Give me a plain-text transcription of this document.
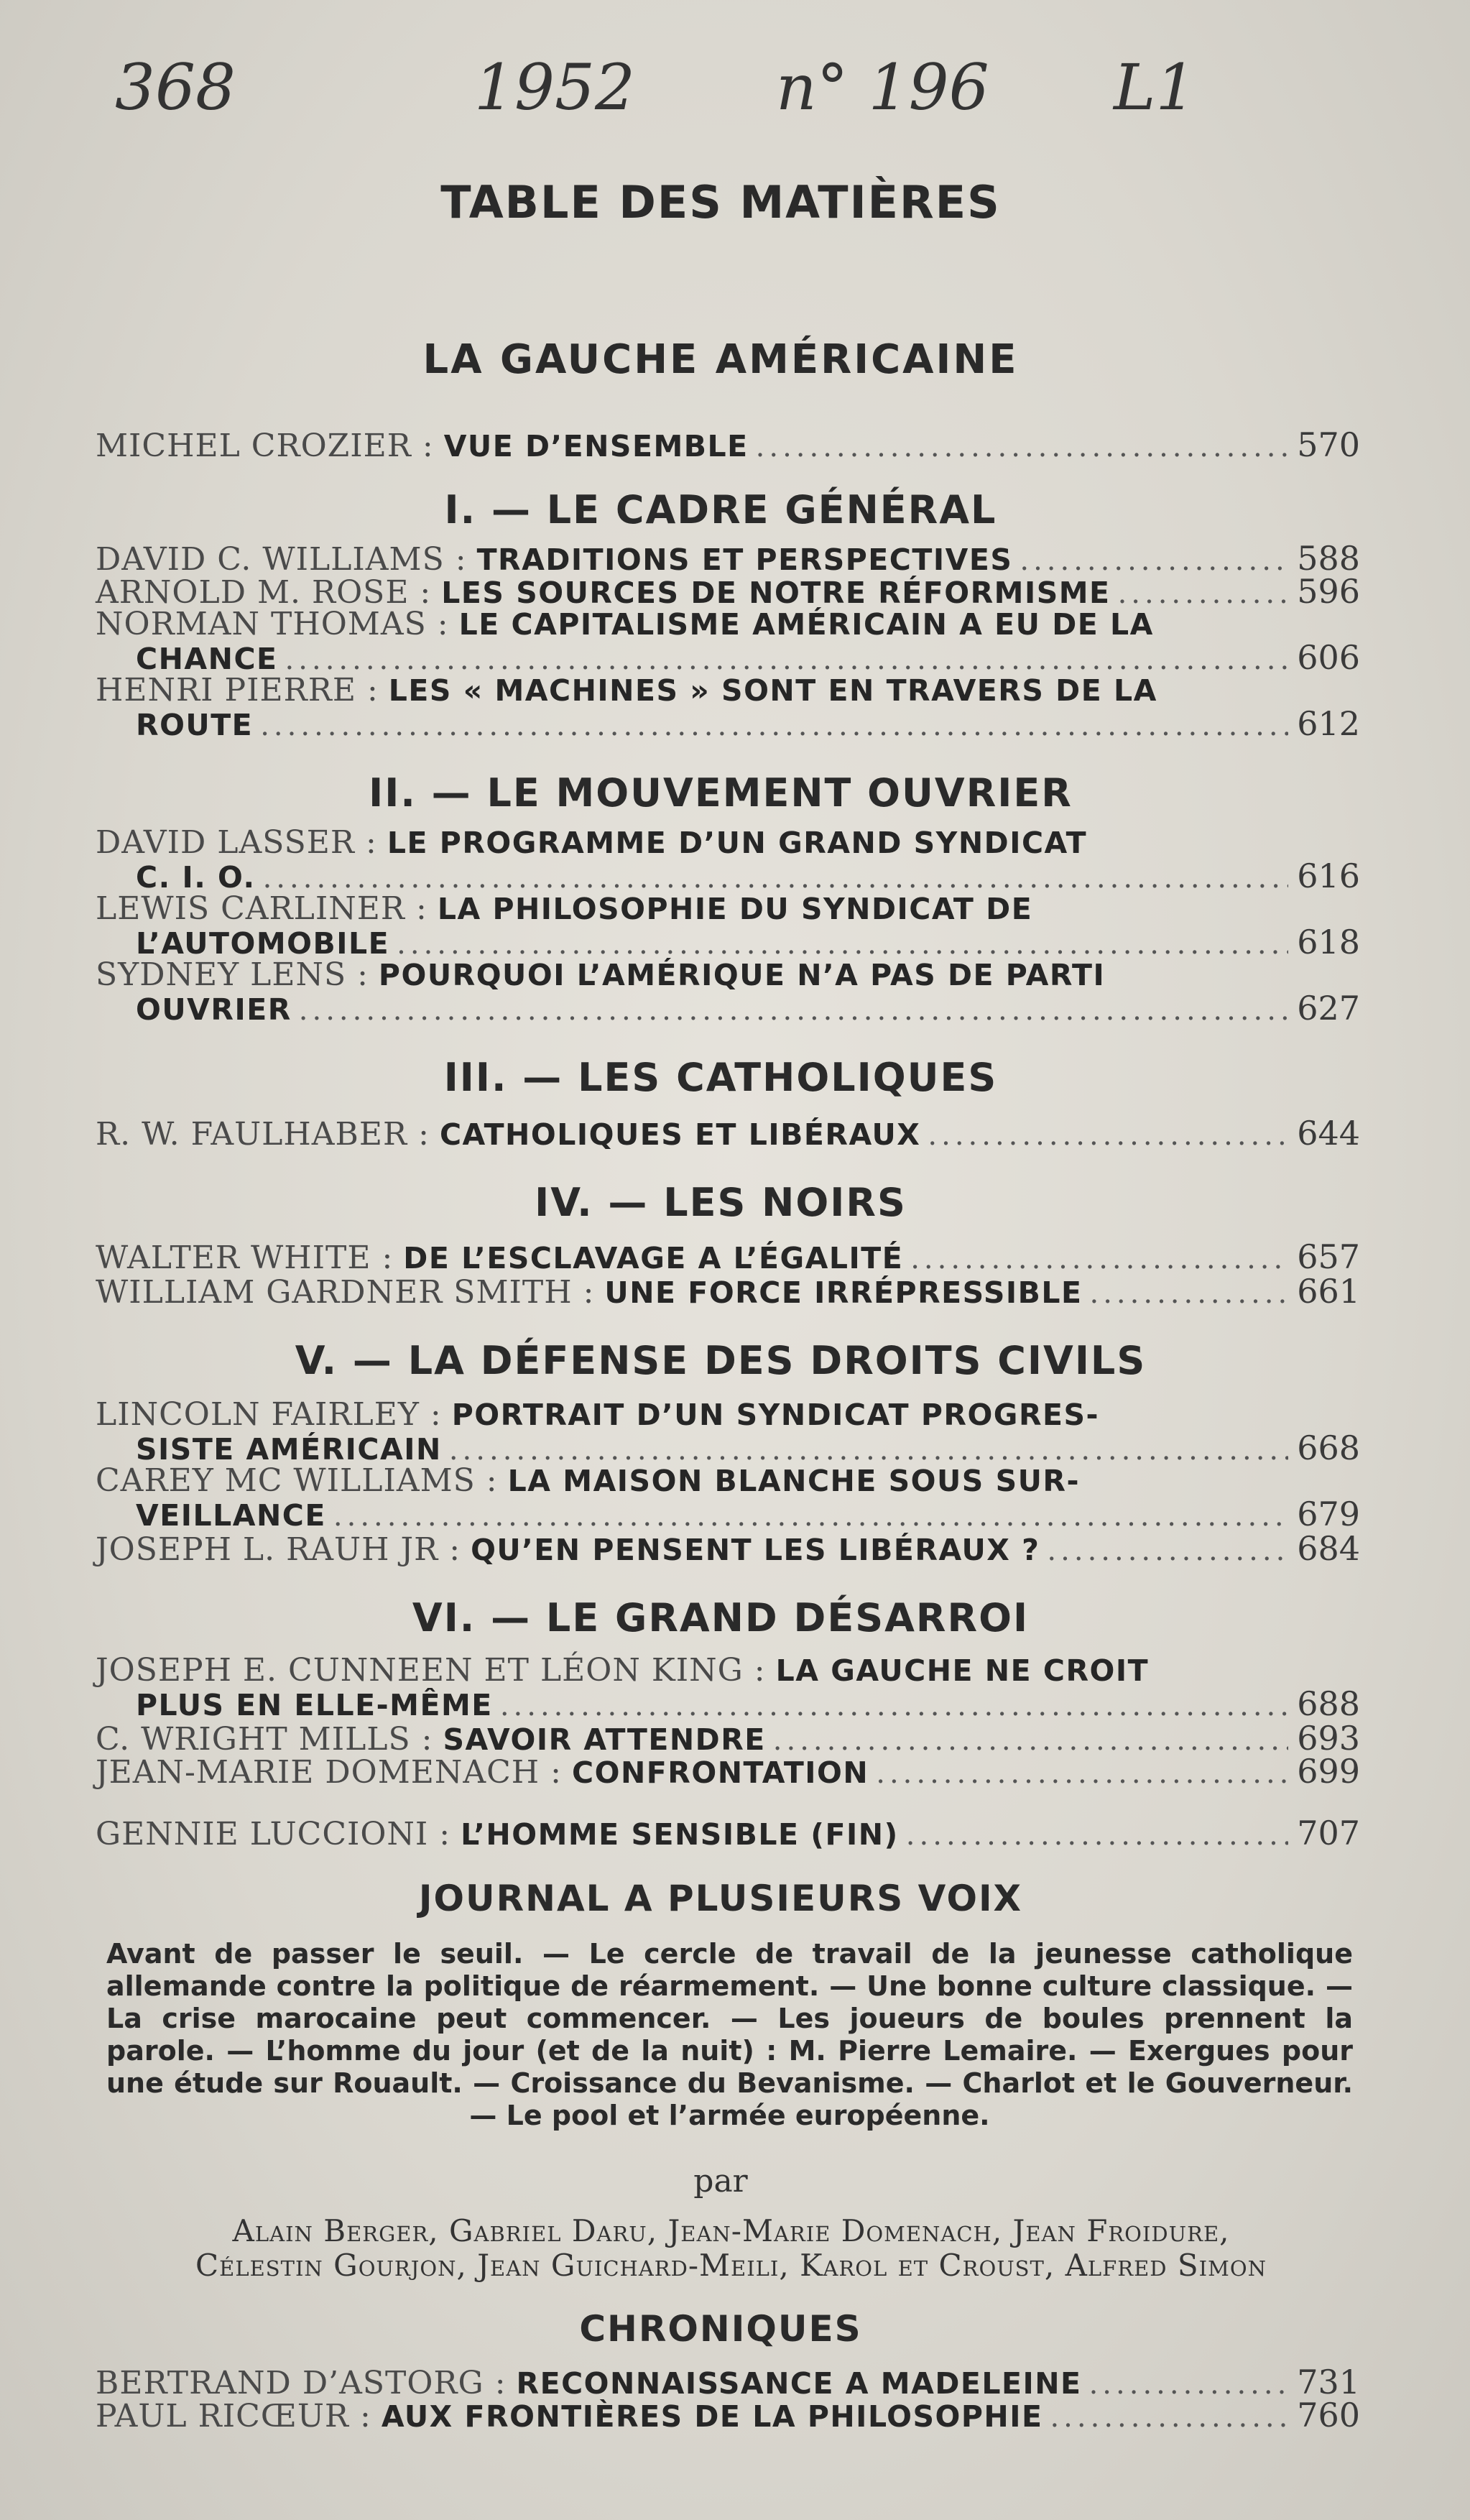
368	1952 n° 196 L1
TABLE DES MATIÈRES
LA GAUCHE AMÉRICAINE
MICHEL CROZIER : VUE D’ENSEMBLE .....	570
I. — LE CADRE GÉNÉRAL
DAVID C. WILLIAMS : TRADITIONS ET PERSPECTIVES .....	588
ARNOLD M. ROSE : LES SOURCES DE NOTRE RÉFORMISME .....	596
NORMAN THOMAS : LE CAPITALISME AMÉRICAIN A EU DE LA
CHANCE .....	606
HENRI PIERRE : LES « MACHINES » SONT EN TRAVERS DE LA
ROUTE .....	612
II. — LE MOUVEMENT OUVRIER
DAVID LASSER : LE PROGRAMME D’UN GRAND SYNDICAT
C. I. O. .....	616
LEWIS CARLINER : LA PHILOSOPHIE DU SYNDICAT DE
L’AUTOMOBILE .....	618
SYDNEY LENS : POURQUOI L’AMÉRIQUE N’A PAS DE PARTI
OUVRIER .....	627
III. — LES CATHOLIQUES
R. W. FAULHABER : CATHOLIQUES ET LIBÉRAUX .....	644
IV. — LES NOIRS
WALTER WHITE : DE L’ESCLAVAGE A L’ÉGALITÉ .....	657
WILLIAM GARDNER SMITH : UNE FORCE IRRÉPRESSIBLE .....	661
V. — LA DÉFENSE DES DROITS CIVILS
LINCOLN FAIRLEY : PORTRAIT D’UN SYNDICAT PROGRES-
SISTE AMÉRICAIN .....	668
CAREY MC WILLIAMS : LA MAISON BLANCHE SOUS SUR-
VEILLANCE .....	679
JOSEPH L. RAUH JR : QU’EN PENSENT LES LIBÉRAUX ? .....	684
VI. — LE GRAND DÉSARROI
JOSEPH E. CUNNEEN ET LÉON KING : LA GAUCHE NE CROIT
PLUS EN ELLE-MÊME .....	688
C. WRIGHT MILLS : SAVOIR ATTENDRE .....	693
JEAN-MARIE DOMENACH : CONFRONTATION .....	699
GENNIE LUCCIONI : L’HOMME SENSIBLE (FIN) .....	707
JOURNAL A PLUSIEURS VOIX
Avant de passer le seuil. — Le cercle de travail de la jeunesse catholique allemande contre la politique de réarmement. — Une bonne culture classique. — La crise marocaine peut commencer. — Les joueurs de boules prennent la parole. — L’homme du jour (et de la nuit) : M. Pierre Lemaire. — Exergues pour une étude sur Rouault. — Croissance du Bevanisme. — Charlot et le Gouverneur. — Le pool et l’armée européenne.
par
Alain Berger, Gabriel Daru, Jean-Marie Domenach, Jean Froidure,
Célestin Gourjon, Jean Guichard-Meili, Karol et Croust, Alfred Simon
CHRONIQUES
BERTRAND D’ASTORG : RECONNAISSANCE A MADELEINE .....	731
PAUL RICŒUR : AUX FRONTIÈRES DE LA PHILOSOPHIE .....	760
